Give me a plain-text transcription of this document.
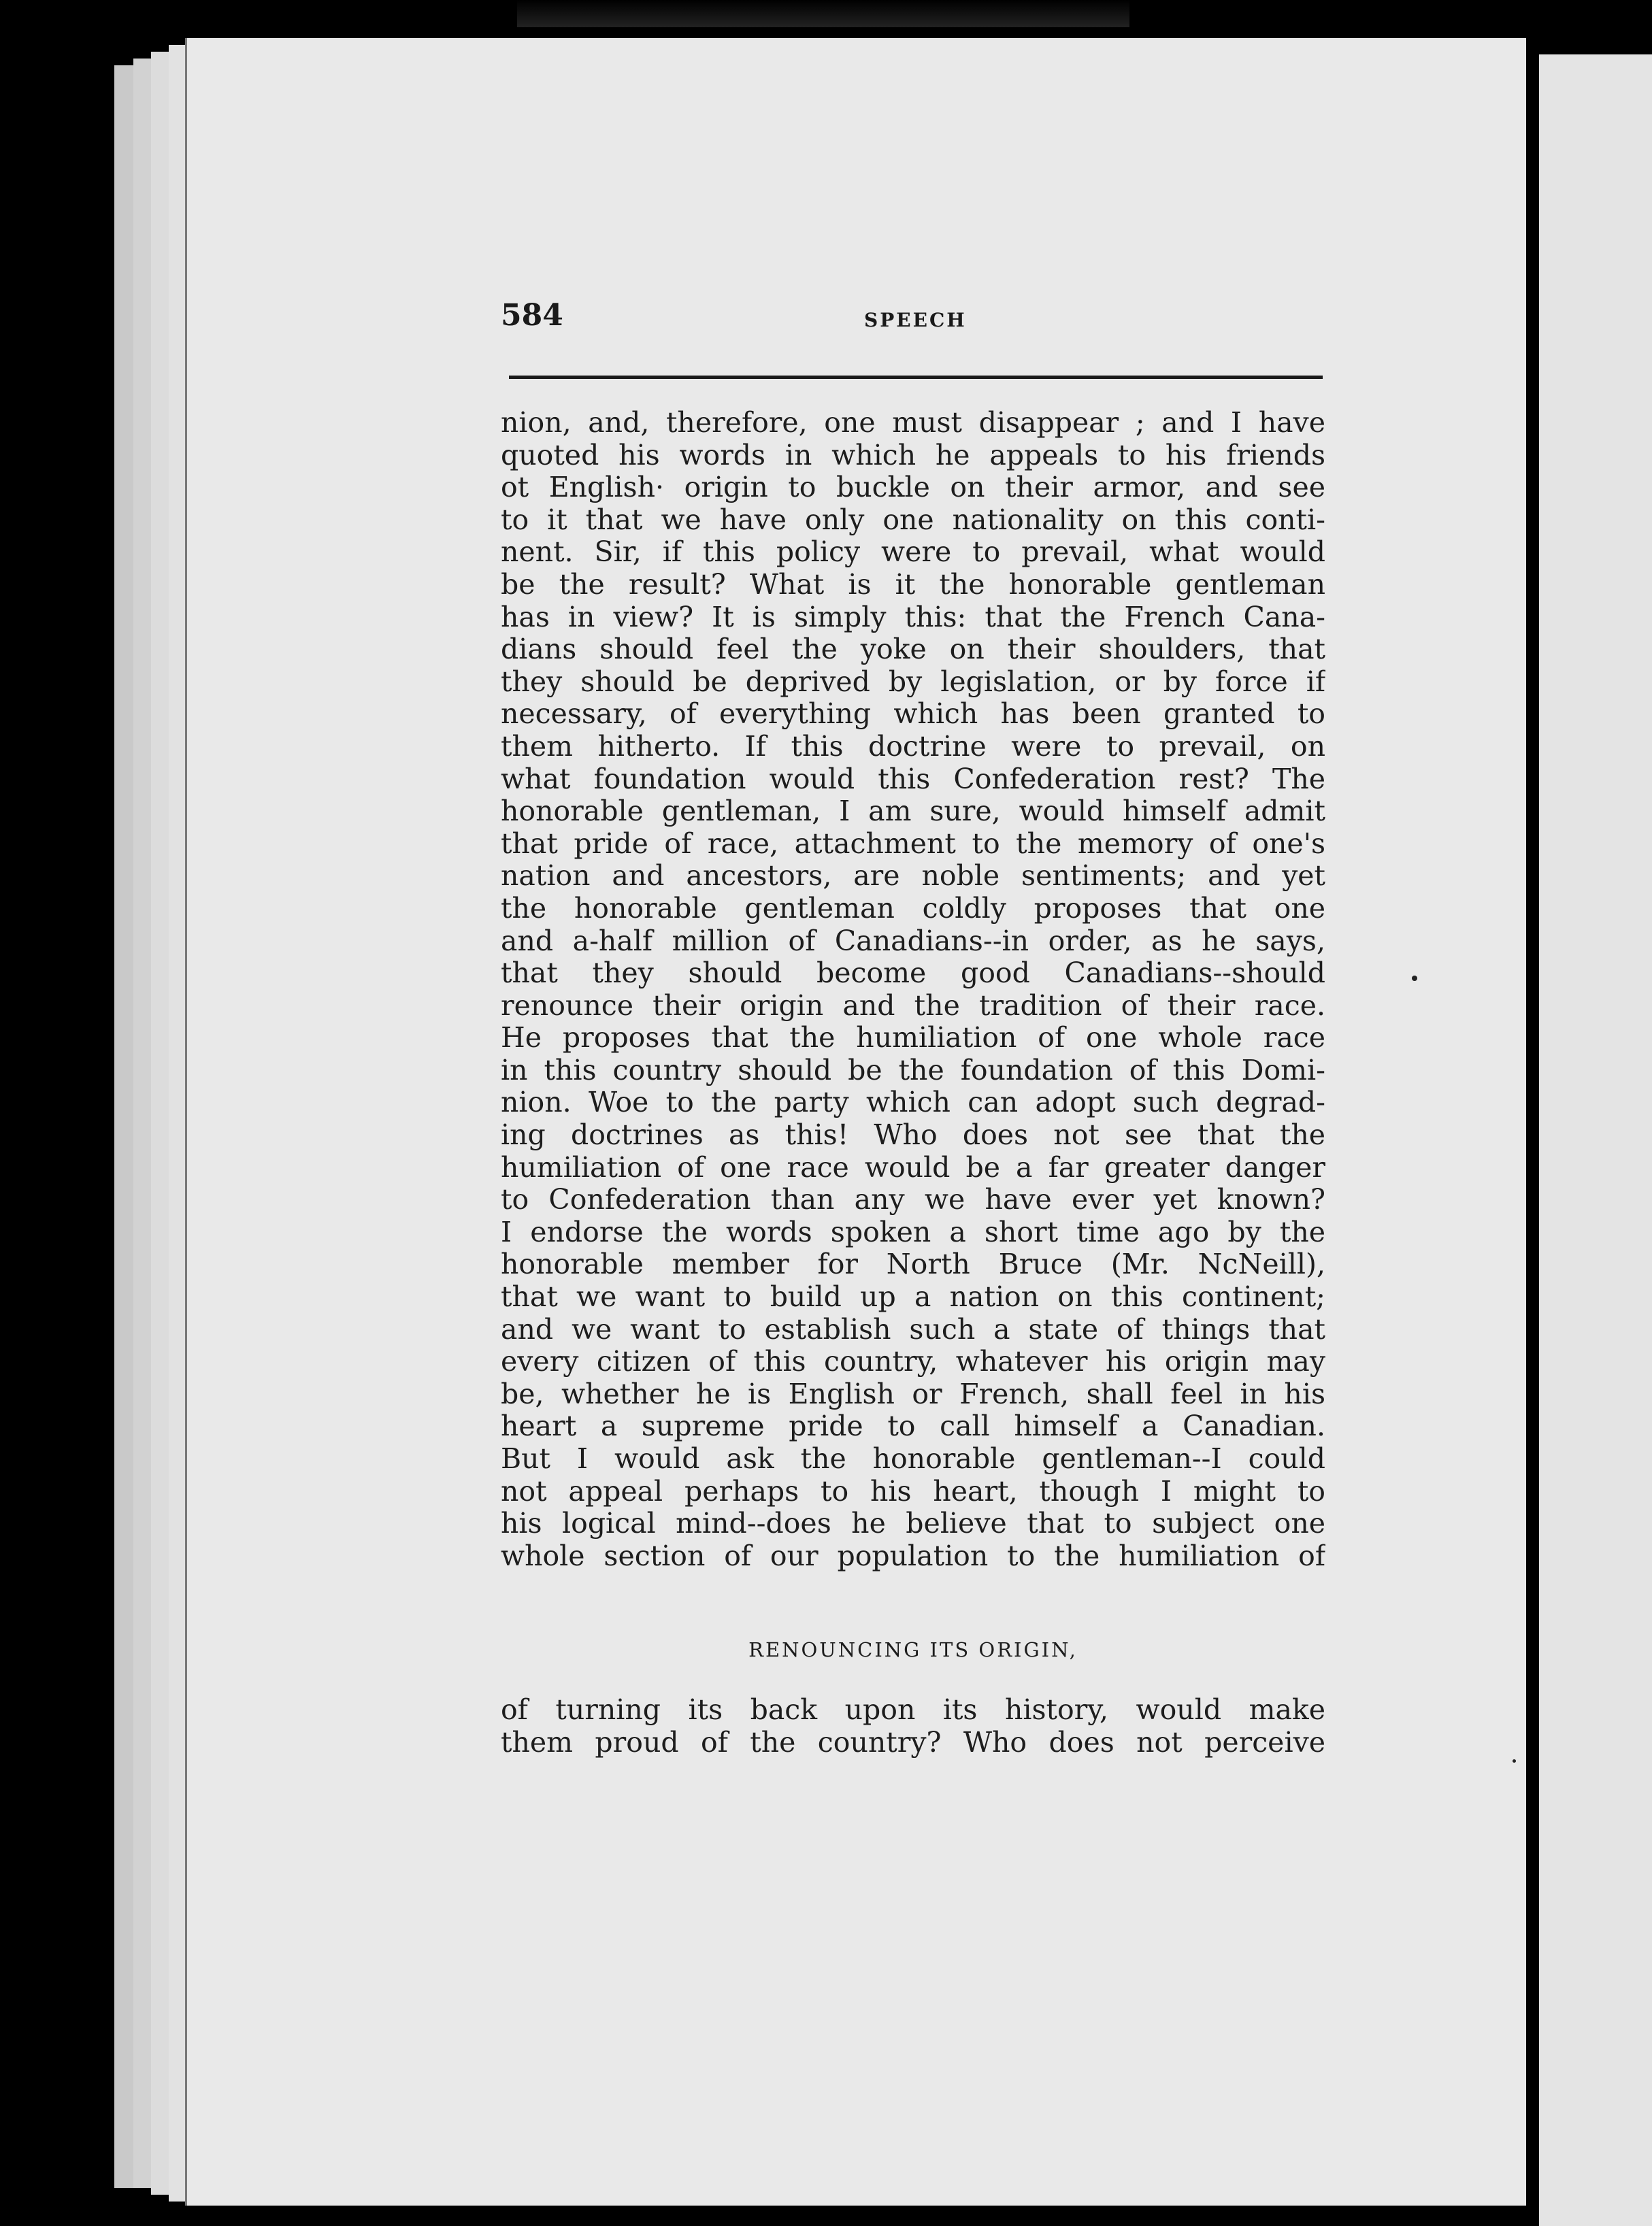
584	SPEECH
nion, and, therefore, one must disappear ; and I have
quoted his words in which he appeals to his friends
ot English· origin to buckle on their armor, and see
to it that we have only one nationality on this conti-
nent. Sir, if this policy were to prevail, what would
be the result? What is it the honorable gentleman
has in view? It is simply this: that the French Cana-
dians should feel the yoke on their shoulders, that
they should be deprived by legislation, or by force if
necessary, of everything which has been granted to
them hitherto. If this doctrine were to prevail, on
what foundation would this Confederation rest? The
honorable gentleman, I am sure, would himself admit
that pride of race, attachment to the memory of one's
nation and ancestors, are noble sentiments; and yet
the honorable gentleman coldly proposes that one
and a-half million of Canadians--in order, as he says,
that they should become good Canadians--should
renounce their origin and the tradition of their race.
He proposes that the humiliation of one whole race
in this country should be the foundation of this Domi-
nion. Woe to the party which can adopt such degrad-
ing doctrines as this! Who does not see that the
humiliation of one race would be a far greater danger
to Confederation than any we have ever yet known?
I endorse the words spoken a short time ago by the
honorable member for North Bruce (Mr. NcNeill),
that we want to build up a nation on this continent;
and we want to establish such a state of things that
every citizen of this country, whatever his origin may
be, whether he is English or French, shall feel in his
heart a supreme pride to call himself a Canadian.
But I would ask the honorable gentleman--I could
not appeal perhaps to his heart, though I might to
his logical mind--does he believe that to subject one
whole section of our population to the humiliation of
RENOUNCING ITS ORIGIN,
of turning its back upon its history, would make
them proud of the country? Who does not perceive
